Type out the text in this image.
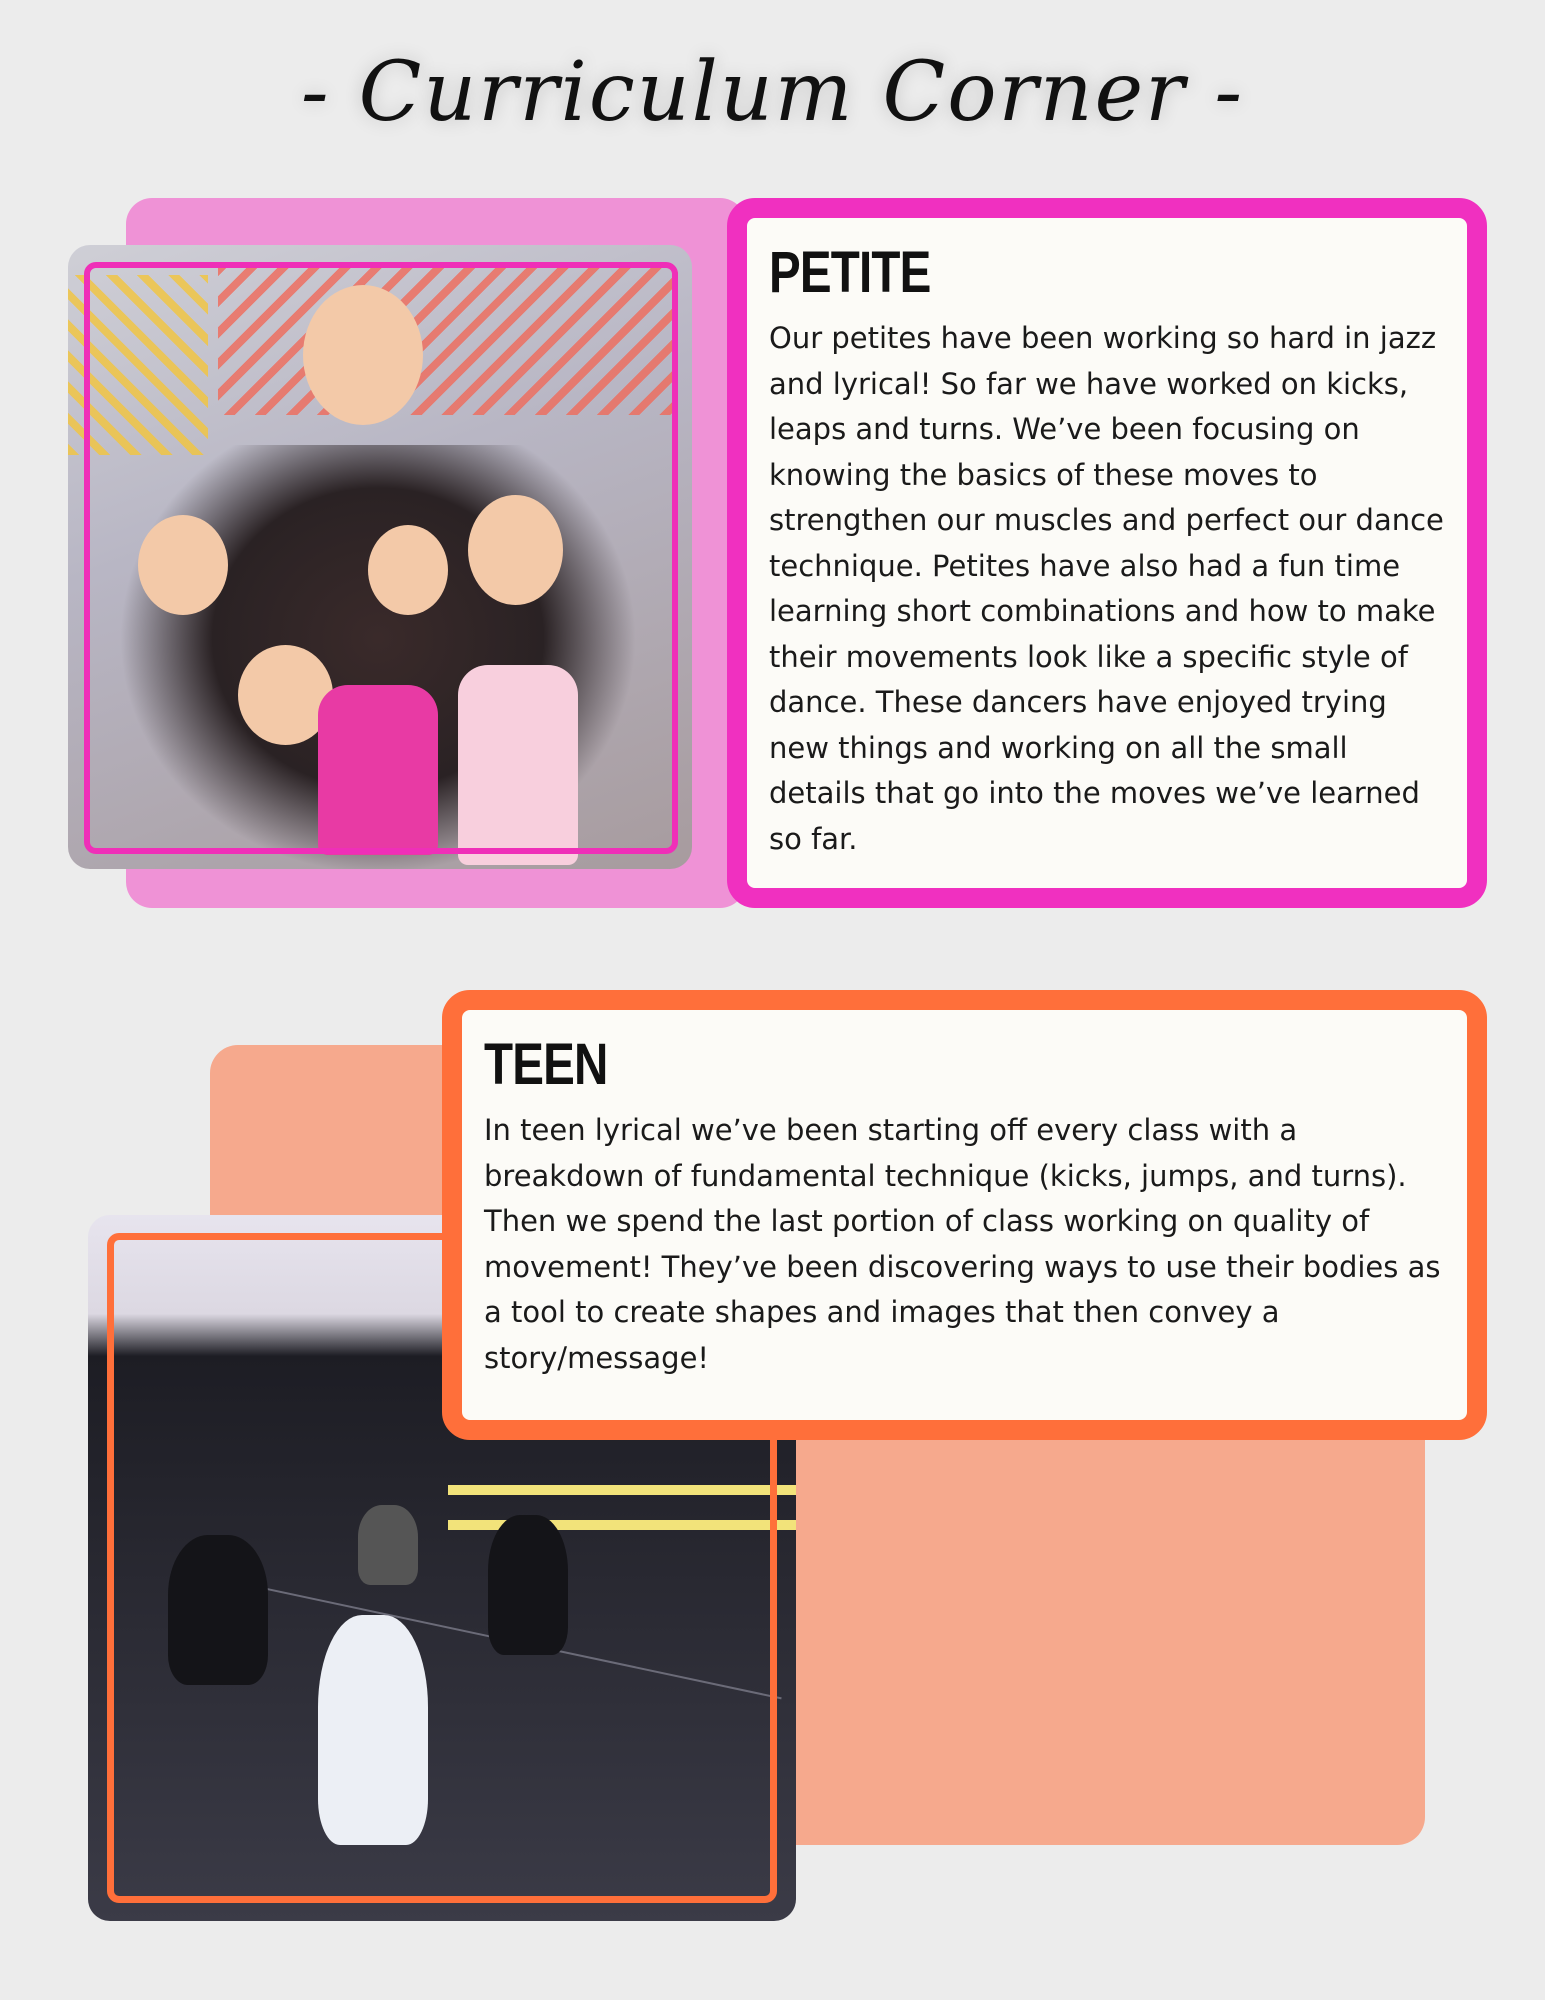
- Curriculum Corner -
PETITE

Our petites have been working so hard in jazz and lyrical! So far we have worked on kicks, leaps and turns. We’ve been focusing on knowing the basics of these moves to strengthen our muscles and perfect our dance technique. Petites have also had a fun time learning short combinations and how to make their movements look like a specific style of dance. These dancers have enjoyed trying new things and working on all the small details that go into the moves we’ve learned so far.

TEEN

In teen lyrical we’ve been starting off every class with a breakdown of fundamental technique (kicks, jumps, and turns). Then we spend the last portion of class working on quality of movement! They’ve been discovering ways to use their bodies as a tool to create shapes and images that then convey a story/message!
